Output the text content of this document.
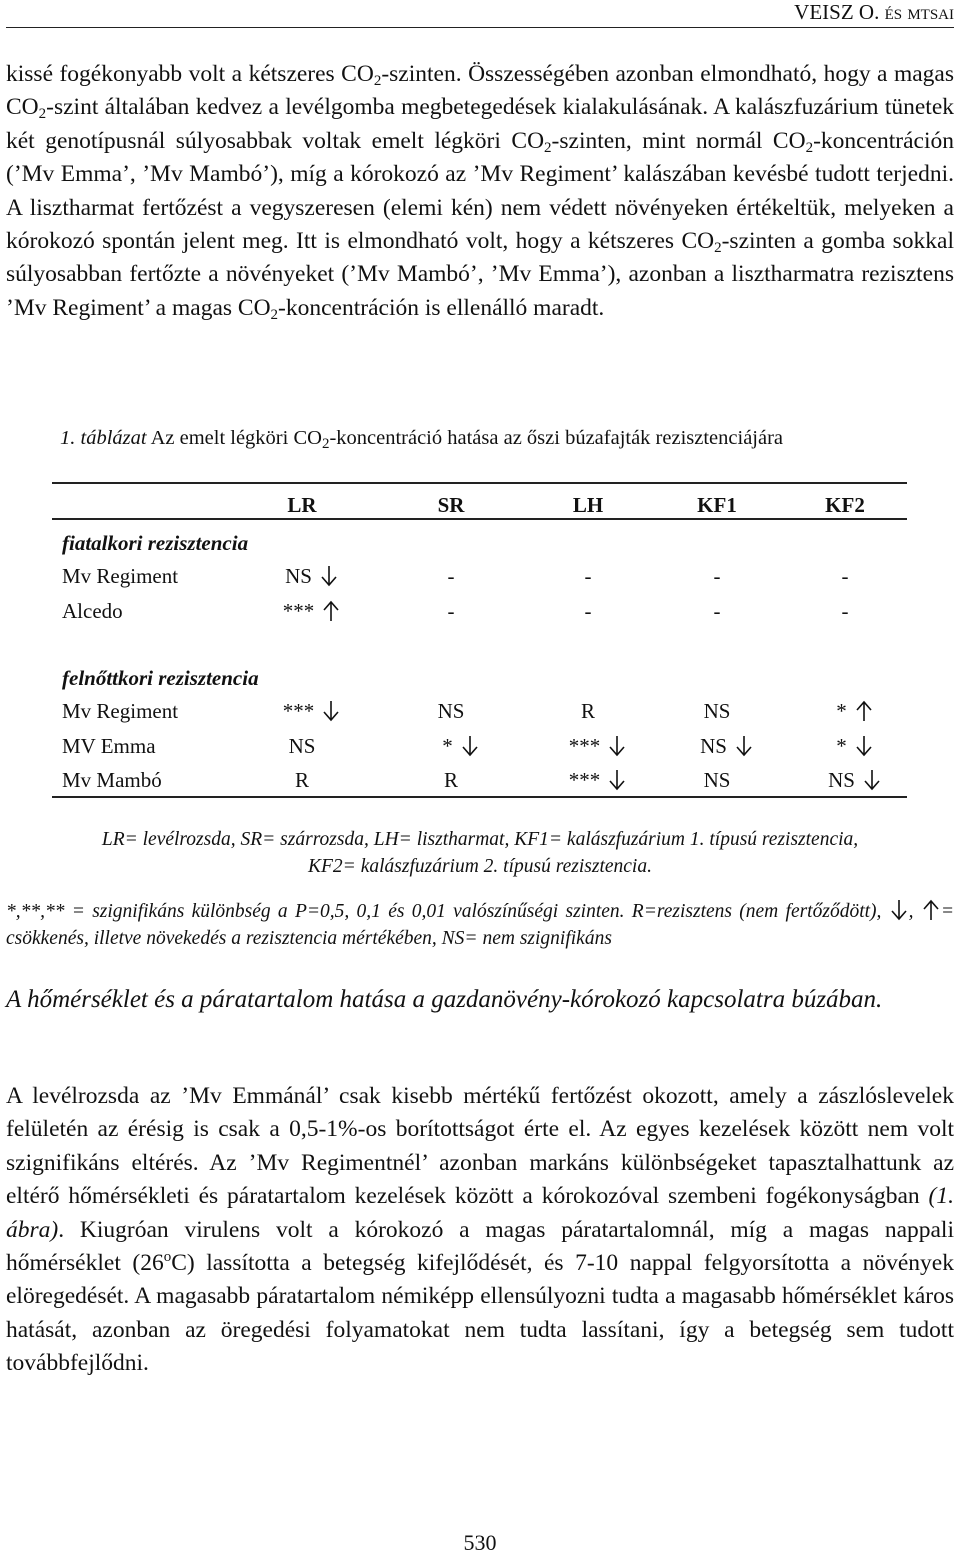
VEISZ O. és mtsai

kissé fogékonyabb volt a kétszeres $CO_2$-szinten. Összességében azonban elmondható, hogy a magas $CO_2$-szint általában kedvez a levélgomba megbetegedések kialakulásának. A kalászfuzárium tünetek két genotípusnál súlyosabbak voltak emelt légköri $CO_2$-szinten, mint normál $CO_2$-koncentráción (’Mv Emma’, ’Mv Mambó’), míg a kórokozó az ’Mv Regiment’ kalászában kevésbé tudott terjedni. A lisztharmat fertőzést a vegyszeresen (elemi kén) nem védett növényeken értékeltük, melyeken a kórokozó spontán jelent meg. Itt is elmondható volt, hogy a kétszeres $CO_2$-szinten a gomba sokkal súlyosabban fertőzte a növényeket (’Mv Mambó’, ’Mv Emma’), azonban a lisztharmatra rezisztens ’Mv Regiment’ a magas $CO_2$-koncentráción is ellenálló maradt.

1. táblázat Az emelt légköri $CO_2$-koncentráció hatása az őszi búzafajták rezisztenciájára
LR	SR	LH	KF1	KF2
fiatalkori rezisztencia
Mv Regiment	NS	-	-	-	-
Alcedo	***	-	-	-	-
felnőttkori rezisztencia
Mv Regiment	***	NS	R	NS	*
MV Emma	NS	*	***	NS	*
Mv Mambó	R	R	***	NS	NS

LR= levélrozsda, SR= szárrozsda, LH= lisztharmat, KF1= kalászfuzárium 1. típusú rezisztencia,
KF2= kalászfuzárium 2. típusú rezisztencia.

*,**,** = szignifikáns különbség a P=0,5, 0,1 és 0,01 valószínűségi szinten. R=rezisztens (nem fertőződött), , = csökkenés, illetve növekedés a rezisztencia mértékében, NS= nem szignifikáns

A hőmérséklet és a páratartalom hatása a gazdanövény-kórokozó kapcsolatra búzában.

A levélrozsda az ’Mv Emmánál’ csak kisebb mértékű fertőzést okozott, amely a zászlóslevelek felületén az érésig is csak a 0,5-1%-os borítottságot érte el. Az egyes kezelések között nem volt szignifikáns eltérés. Az ’Mv Regimentnél’ azonban markáns különbségeket tapasztalhattunk az eltérő hőmérsékleti és páratartalom kezelések között a kórokozóval szembeni fogékonyságban (1. ábra). Kiugróan virulens volt a kórokozó a magas páratartalomnál, míg a magas nappali hőmérséklet (26$^o$C) lassította a betegség kifejlődését, és 7-10 nappal felgyorsította a növények elöregedését. A magasabb páratartalom némiképp ellensúlyozni tudta a magasabb hőmérséklet káros hatását, azonban az öregedési folyamatokat nem tudta lassítani, így a betegség sem tudott továbbfejlődni.

530
